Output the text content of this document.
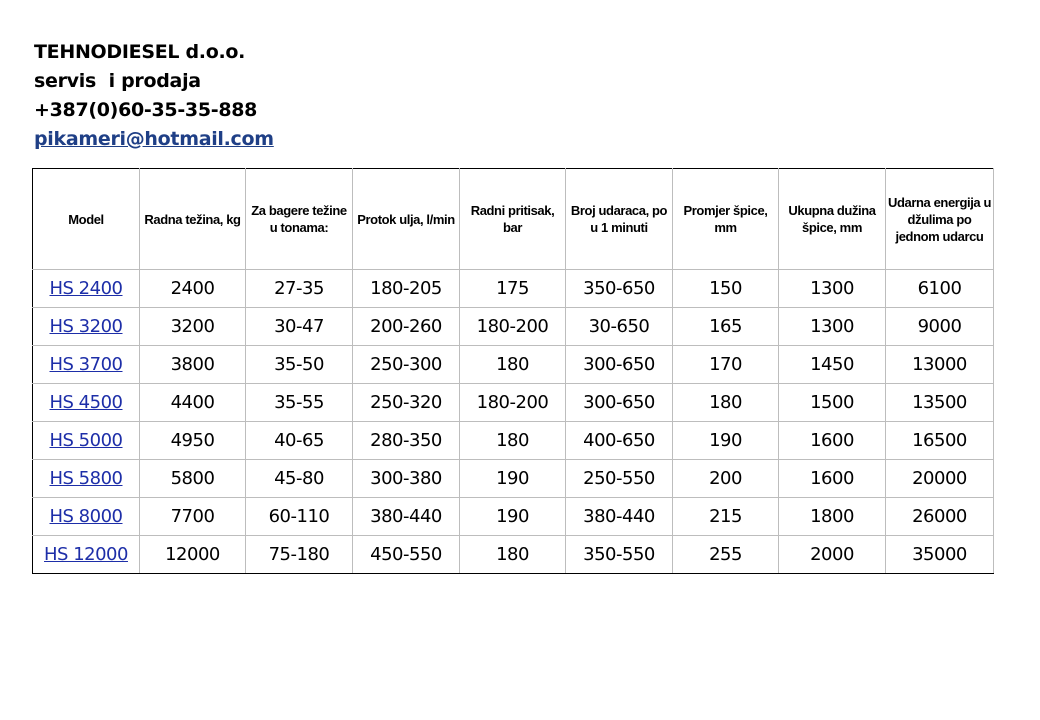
TEHNODIESEL d.o.o.
servis  i prodaja
+387(0)60-35-35-888
pikameri@hotmail.com
Model	Radna težina, kg	Za bagere težine u tonama:	Protok ulja, l/min	Radni pritisak, bar	Broj udaraca, po u 1 minuti	Promjer špice, mm	Ukupna dužina špice, mm	Udarna energija u džulima po jednom udarcu
HS 2400	2400	27-35	180-205	175	350-650	150	1300	6100
HS 3200	3200	30-47	200-260	180-200	30-650	165	1300	9000
HS 3700	3800	35-50	250-300	180	300-650	170	1450	13000
HS 4500	4400	35-55	250-320	180-200	300-650	180	1500	13500
HS 5000	4950	40-65	280-350	180	400-650	190	1600	16500
HS 5800	5800	45-80	300-380	190	250-550	200	1600	20000
HS 8000	7700	60-110	380-440	190	380-440	215	1800	26000
HS 12000	12000	75-180	450-550	180	350-550	255	2000	35000
